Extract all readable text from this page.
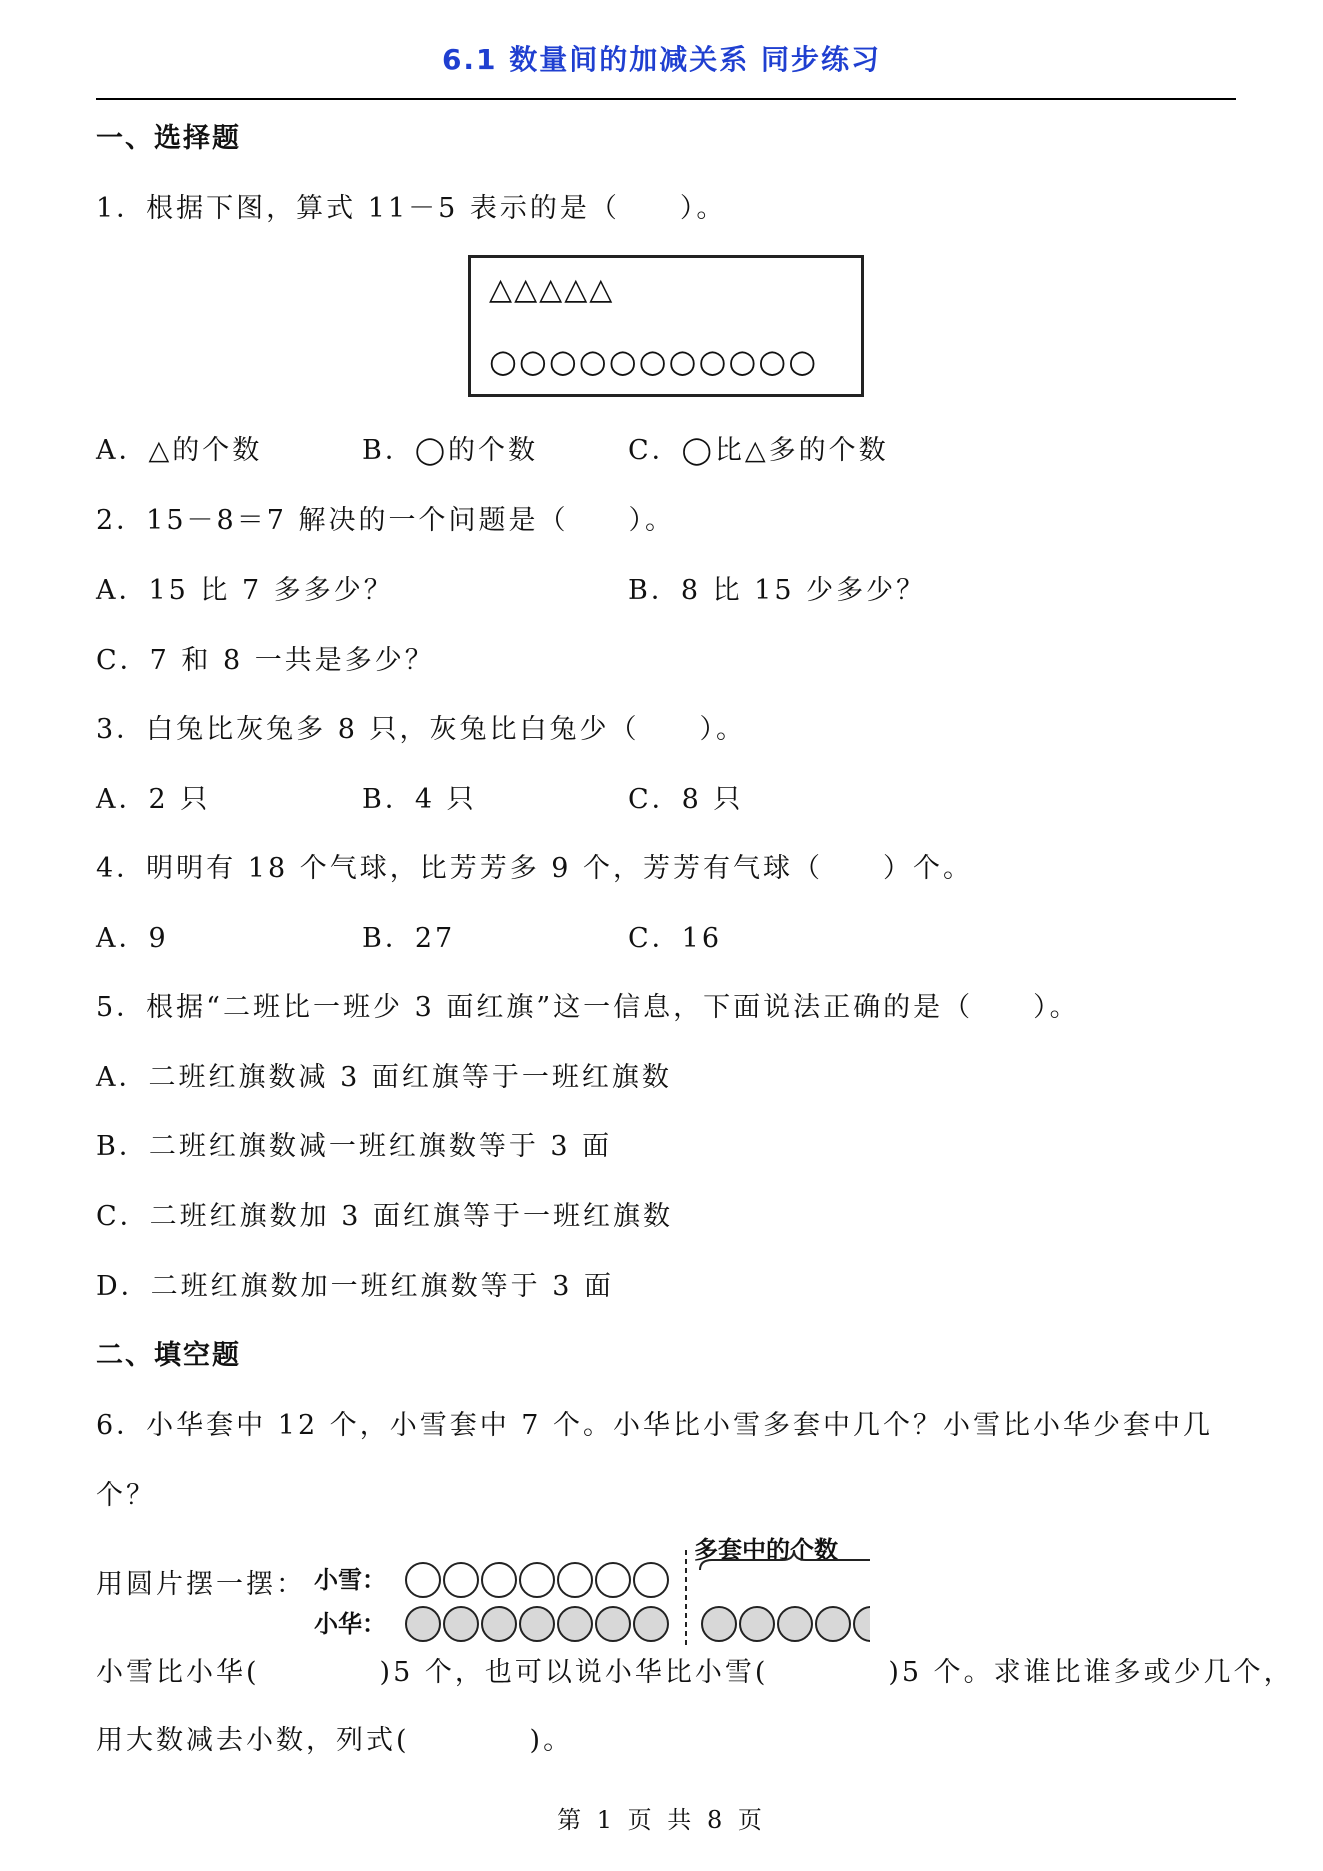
6.1 数量间的加减关系 同步练习
一、选择题
1．根据下图，算式 11－5 表示的是（　　）。
△△△△△
○○○○○○○○○○○
A．△的个数	B．◯的个数	C．◯比△多的个数
2．15－8＝7 解决的一个问题是（　　）。
A．15 比 7 多多少？	B．8 比 15 少多少？
C．7 和 8 一共是多少？
3．白兔比灰兔多 8 只，灰兔比白兔少（　　）。
A．2 只	B．4 只	C．8 只
4．明明有 18 个气球，比芳芳多 9 个，芳芳有气球（　　）个。
A．9	B．27	C．16
5．根据“二班比一班少 3 面红旗”这一信息，下面说法正确的是（　　）。
A．二班红旗数减 3 面红旗等于一班红旗数
B．二班红旗数减一班红旗数等于 3 面
C．二班红旗数加 3 面红旗等于一班红旗数
D．二班红旗数加一班红旗数等于 3 面
二、填空题
6．小华套中 12 个，小雪套中 7 个。小华比小雪多套中几个？小雪比小华少套中几
个？
用圆片摆一摆： 小雪：
小华：
多套中的个数
小雪比小华(　　　　)5 个，也可以说小华比小雪(　　　　)5 个。求谁比谁多或少几个，
用大数减去小数，列式(　　　　)。
第 1 页 共 8 页
